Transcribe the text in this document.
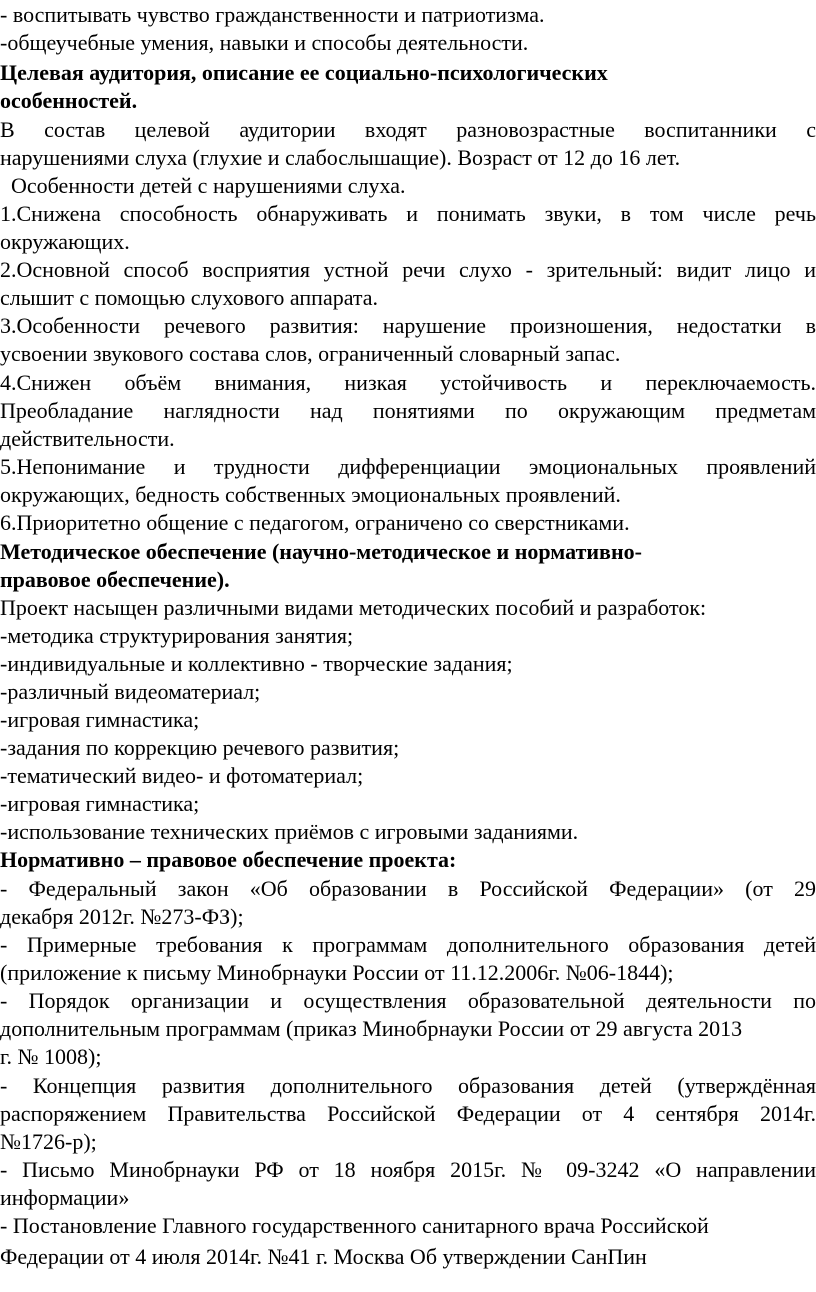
- воспитывать чувство гражданственности и патриотизма.
-общеучебные умения, навыки и способы деятельности.
Целевая аудитория, описание ее социально-психологических
особенностей.
В состав целевой аудитории входят разновозрастные воспитанники с
нарушениями слуха (глухие и слабослышащие). Возраст от 12 до 16 лет.
Особенности детей с нарушениями слуха.
1.Снижена способность обнаруживать и понимать звуки, в том числе речь
окружающих.
2.Основной способ восприятия устной речи слухо - зрительный: видит лицо и
слышит с помощью слухового аппарата.
3.Особенности речевого развития: нарушение произношения, недостатки в
усвоении звукового состава слов, ограниченный словарный запас.
4.Снижен объём внимания, низкая устойчивость и переключаемость.
Преобладание наглядности над понятиями по окружающим предметам
действительности.
5.Непонимание и трудности дифференциации эмоциональных проявлений
окружающих, бедность собственных эмоциональных проявлений.
6.Приоритетно общение с педагогом, ограничено со сверстниками.
Методическое обеспечение (научно-методическое и нормативно-
правовое обеспечение).
Проект насыщен различными видами методических пособий и разработок:
-методика структурирования занятия;
-индивидуальные и коллективно - творческие задания;
-различный видеоматериал;
-игровая гимнастика;
-задания по коррекцию речевого развития;
-тематический видео- и фотоматериал;
-игровая гимнастика;
-использование технических приёмов с игровыми заданиями.
Нормативно – правовое обеспечение проекта:
- Федеральный закон «Об образовании в Российской Федерации» (от 29
декабря 2012г. №273-ФЗ);
- Примерные требования к программам дополнительного образования детей
(приложение к письму Минобрнауки России от 11.12.2006г. №06-1844);
- Порядок организации и осуществления образовательной деятельности по
дополнительным программам (приказ Минобрнауки России от 29 августа 2013
г. № 1008);
- Концепция развития дополнительного образования детей (утверждённая
распоряжением Правительства Российской Федерации от 4 сентября 2014г.
№1726-р);
- Письмо Минобрнауки РФ от 18 ноября 2015г. № 09-3242 «О направлении
информации»
- Постановление Главного государственного санитарного врача Российской
Федерации от 4 июля 2014г. №41 г. Москва Об утверждении СанПин
